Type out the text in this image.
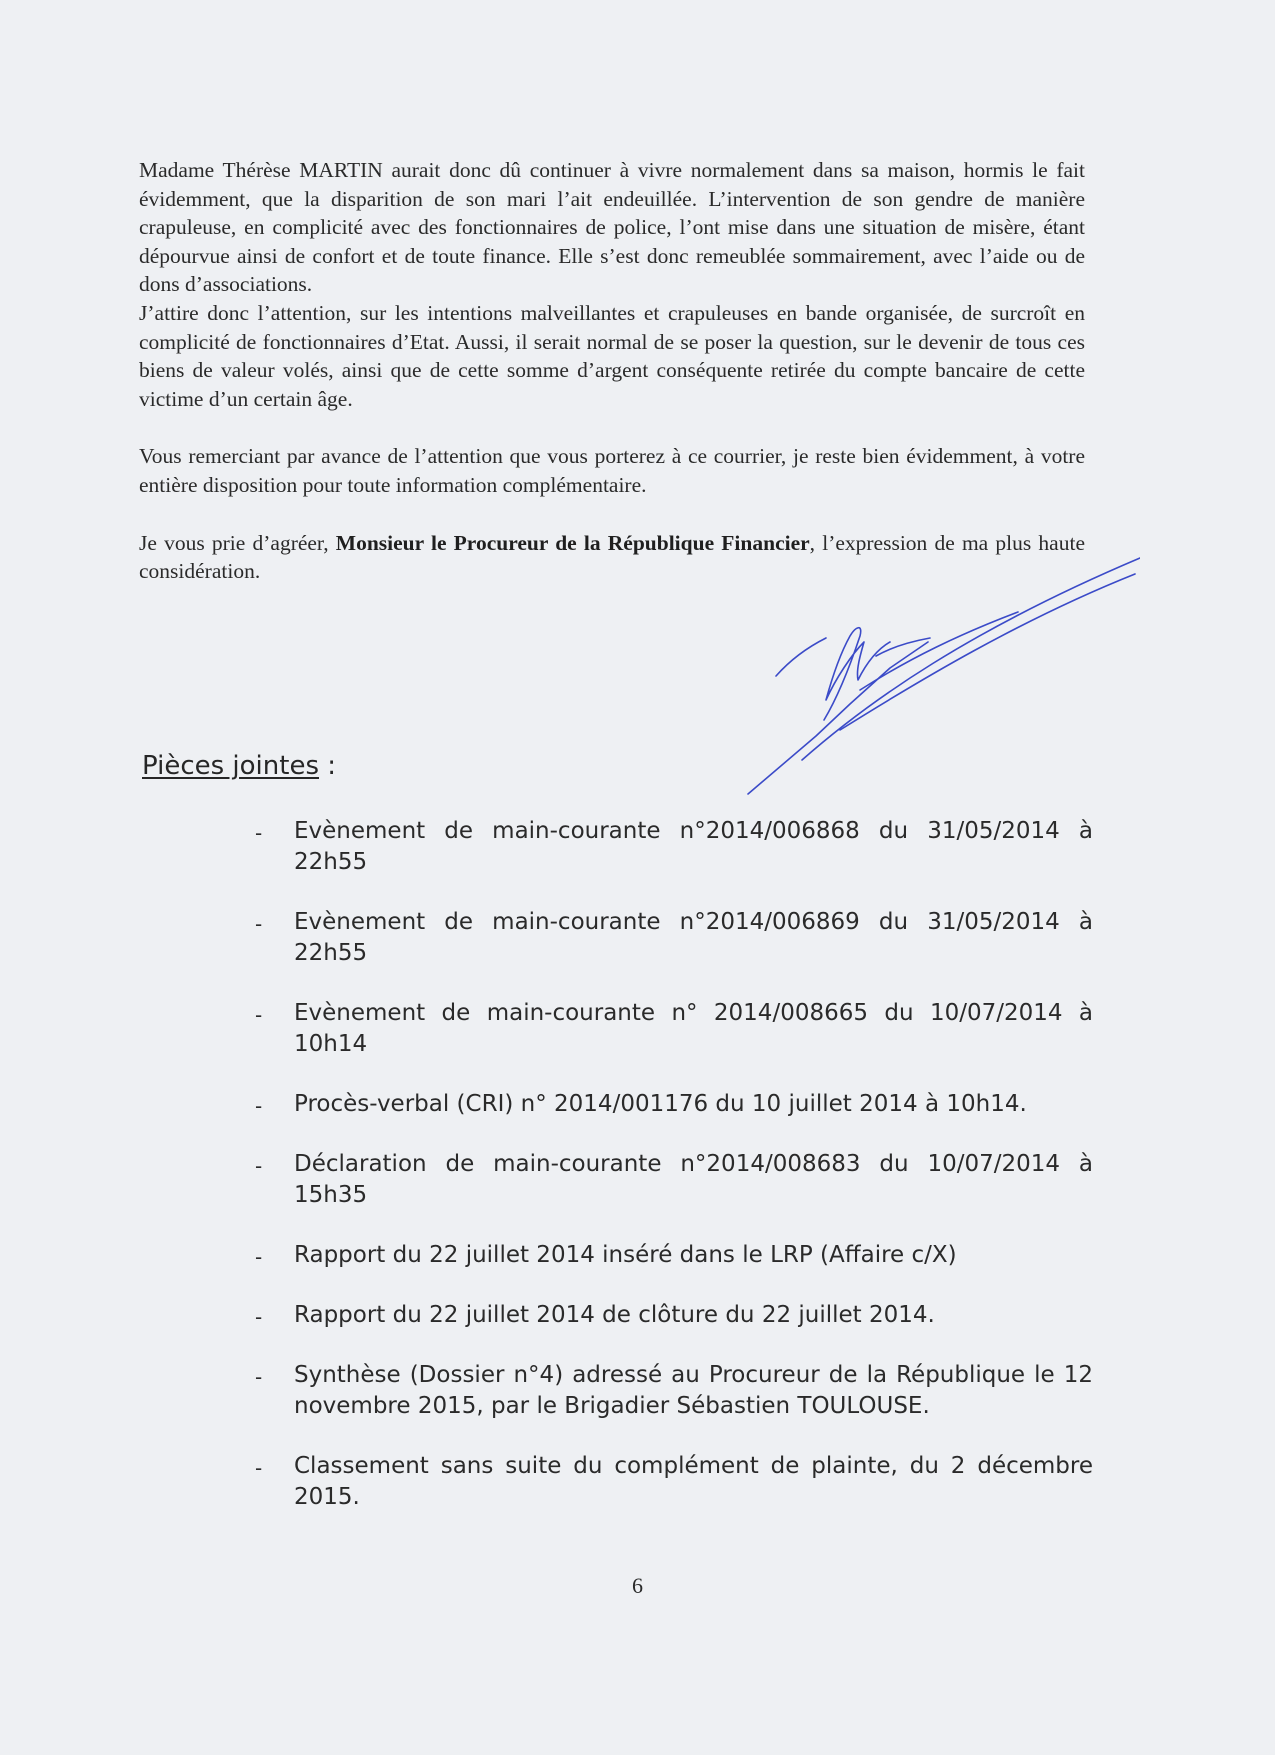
Madame Thérèse MARTIN aurait donc dû continuer à vivre normalement dans sa maison, hormis le fait évidemment, que la disparition de son mari l’ait endeuillée. L’intervention de son gendre de manière crapuleuse, en complicité avec des fonctionnaires de police, l’ont mise dans une situation de misère, étant dépourvue ainsi de confort et de toute finance. Elle s’est donc remeublée sommairement, avec l’aide ou de dons d’associations.

J’attire donc l’attention, sur les intentions malveillantes et crapuleuses en bande organisée, de surcroît en complicité de fonctionnaires d’Etat. Aussi, il serait normal de se poser la question, sur le devenir de tous ces biens de valeur volés, ainsi que de cette somme d’argent conséquente retirée du compte bancaire de cette victime d’un certain âge.

Vous remerciant par avance de l’attention que vous porterez à ce courrier, je reste bien évidemment, à votre entière disposition pour toute information complémentaire.

Je vous prie d’agréer, Monsieur le Procureur de la République Financier, l’expression de ma plus haute considération.

Pièces jointes :
- Evènement de main-courante n°2014/006868 du 31/05/2014 à 22h55
- Evènement de main-courante n°2014/006869 du 31/05/2014 à 22h55
- Evènement de main-courante n° 2014/008665 du 10/07/2014 à 10h14
- Procès-verbal (CRI) n° 2014/001176 du 10 juillet 2014 à 10h14.
- Déclaration de main-courante n°2014/008683 du 10/07/2014 à 15h35
- Rapport du 22 juillet 2014 inséré dans le LRP (Affaire c/X)
- Rapport du 22 juillet 2014 de clôture du 22 juillet 2014.
- Synthèse (Dossier n°4) adressé au Procureur de la République le 12 novembre 2015, par le Brigadier Sébastien TOULOUSE.
- Classement sans suite du complément de plainte, du 2 décembre 2015.
6
